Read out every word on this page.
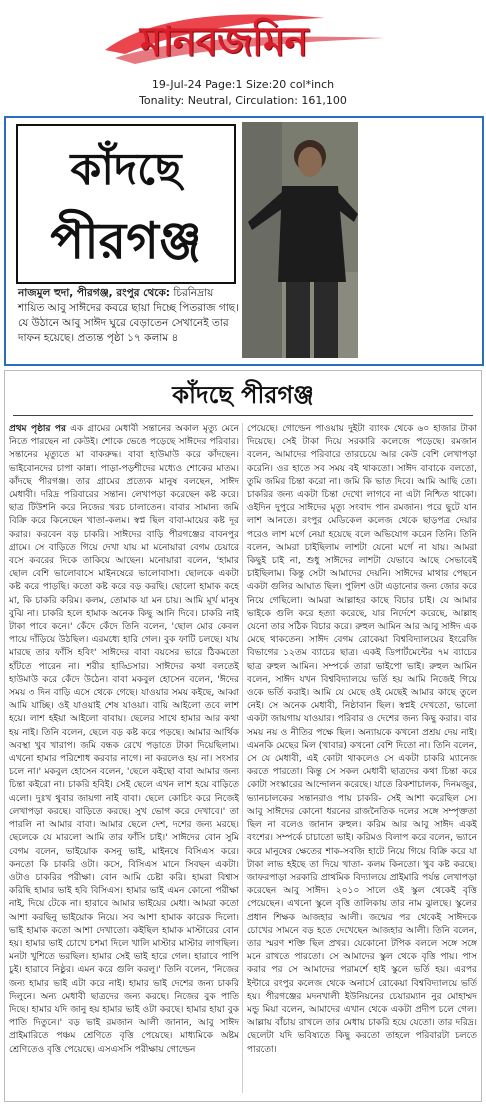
মানবজমিন
19-Jul-24 Page:1 Size:20 col*inch
Tonality: Neutral, Circulation: 161,100
কাঁদছে
পীরগঞ্জ
নাজমুল হুদা, পীরগঞ্জ, রংপুর থেকে: চিরনিদ্রায় শায়িত আবু সাঈদের কবরে ছায়া দিচ্ছে পিতরাজ গাছ। যে উঠানে আবু সাঈদ ঘুরে বেড়াতেন সেখানেই তার দাফন হয়েছে। প্রত্যন্ত পৃষ্ঠা ১৭ কলাম ৪
কাঁদছে পীরগঞ্জ
প্রথম পৃষ্ঠার পর এক গ্রামের মেধাবী সন্তানের অকাল মৃত্যু মেনে নিতে পারছেন না কেউই। শোকে ভেঙে পড়েছে সাঈদের পরিবার। সন্তানের মৃত্যুতে মা বাকরুদ্ধ। বাবা হাউমাউ করে কাঁদছেন। ভাইবোনদের চাপা কান্না। পাড়া-পড়শীদের মধ্যেও শোকের মাতম। কাঁদছে পীরগঞ্জ। তার গ্রামের প্রত্যেক মানুষ বলছেন, সাঈদ মেধাবী। দরিদ্র পরিবারের সন্তান। লেখাপড়া করেছেন কষ্ট করে। ছাত্র টিউশনি করে নিজের খরচ চালাতেন। বাবার সামান্য জমি বিক্রি করে কিনেছেন খাতা-কলম। স্বপ্ন ছিল বাবা-মায়ের কষ্ট দূর করার। করবেন বড় চাকরি। সাঈদের বাড়ি পীরগঞ্জের বাবনপুর গ্রামে। সে বাড়িতে গিয়ে দেখা যায় মা মনোয়ারা বেগম চেয়ারে বসে কবরের দিকে তাকিয়ে আছেন। মনোয়ারা বলেন, 'হামার ছোল বেশি ভালোবাসে মাইনষেরে ভালোবাসা। ছোলকে একটা কষ্ট করে পাড়ছি। কতো কষ্ট করে বড় করছি। ছোলো হামাক কহে মা, কি চাকরি করিম। কলম, তোমাক যা মন চায়। আমি মূর্খ মানুষ বুঝি না। চাকরি হলে হামাক অনেক কিছু আনি দিবে। চাকরি নাই টাকা পাবে কনে।' কেঁদে কেঁদে তিনি বলেন, 'ছোল মোর কেবল পায়ে দাঁড়িয়ে উঠছিল। এরমধ্যে হারি গেল। বুক ফাটি চলছে। যায় মারছে তার ফাঁসি হবিং' সাঈদের বাবা বয়সের ভারে ঠিকমতো হাঁটতে পারেন না। শরীর হাড্ডিসার। সাঈদের কথা বলতেই হাউমাউ করে কেঁদে উঠেন। বাবা মকবুল হোসেন বলেন, 'ঈদের সময় ৩ দিন বাড়ি এসে থেকে গেছে। যাওয়ার সময় কইছে, আব্বা আমি যাচ্ছি। ওই যাওয়াই শেষ যাওয়া। বায়ি আইলো তবে লাশ হয়ে। লাশ হইয়া আইলো বাবায়। ছেলের সাথে হামার আর কথা হয় নাই। তিনি বলেন, ছেলে বড় কষ্ট করে পড়ছে। আমার আর্থিক অবস্থা খুব খারাপ। জমি বন্ধক রেখে পড়াতে টাকা দিয়েছিলাম। এখনো হামার পরিশোধ করবার নাগে। না করলেও হয় না। সংসার চলে না।' মকবুল হোসেন বলেন, 'ছেলে কইছো বাবা আমার জন্য চিন্তা কইরো না। চাকরি হবিই। সেই ছেলে এখন লাশ হয়ে বাড়িতে এলো। দুঃখ থুবার জায়গা নাই বাবা। ছেলে কোচিং করে নিজেই লেখাপড়া করছে। বাড়িতে করছে। সুখ ভোগ করে দেখাবে।' তা পারলি না আমার বাবা। আমার ছেলে দেশ, দশের জন্য মরছে। ছেলেকে যে মারলো আমি তার ফাঁসি চাই।' সাঈদের বোন সুমি বেগম বলেন, ভাইয়োক কসনু ভাই, মাইনষে বিসিএস করে। কনতো কি চাকরি ওটা। কসে, বিসিএস মানে সিবছন একটা। ওটাও চাকরির পরীক্ষা। বোন আমি চেষ্টা করি। হামরা বিশ্বাস করিছি হামার ভাই হবি বিসিএস। হামার ভাই এমন কোনো পরীক্ষা নাই, দিয়ে টেকে না। হারাবে আমার ভাইয়ের মেধা। আমরা কতো আশা করছিনু ভাইয়োক নিয়ে। সব আশা হামাক কারেক দিলো। ভাই হামাক কতো আশা দেখাতো। কইছিল হামাক মাস্টারের বোন হয়। হামার ভাই চোখে চশমা দিলে খালি মাস্টার মাস্টার লাগছিল। মনটা খুশিতে ভরছিল। হামার সেই ভাই হারে গেল। হারাবে পাপি চুই। হারাবে নিষ্ঠুর। এমন করে গুলি করলু।' তিনি বলেন, 'নিজের জন্য হামার ভাই এটা করে নাই। হামার ভাই দেশের জন্য চাকরি দিলুনে। অন্য মেধাবী ছাত্রদের জন্য করছে। নিজের বুক পাতি দিছে। হামার যদি জানু হয় হামার ভাই ওটা করছে। হামার হায়া বুক পাতি দিতুনে।' বড় ভাই রমজান আলী জানান, আবু সাঈদ প্রাইমারিতে পঞ্চম শ্রেণিতে বৃত্তি পেয়েছে। মাধ্যমিকে অষ্টম শ্রেণিতেও বৃত্তি পেয়েছে। এসএসসি পরীক্ষায় গোল্ডেন
পেয়েছে। গোল্ডেন পাওয়ায় দুইটা ব্যাংক থেকে ৬০ হাজার টাকা দিয়েছে। সেই টাকা দিয়ে সরকারি কলেজে পড়েছে। রমজান বলেন, আমাদের পরিবারে তারচেয়ে আর কেউ বেশি লেখাপড়া করেনি। ওর হাতে সব সময় বই থাকতো। সাঈদ বাবাকে বলতো, তুমি জমির চিন্তা করো না। জমি কি ভাত দিবে। আমি আছি তো। চাকরির জন্য একটা চিন্তা দেখো লাগবে না এটা নিশ্চিত থাকো। ওইদিন দুপুরে সাঈদের মৃত্যু সংবাদ পান রমজান। পরে ছুটে যান লাশ আনতে। রংপুর মেডিকেল কলেজ থেকে ছাড়পত্র দেয়ার পরেও লাশ মর্গে নেয়া হয়েছে বলে অভিযোগ করেন তিনি। তিনি বলেন, আমরা চাইছিলাম লাশটা যেনো মর্গে না যায়। আমরা কিছুই চাই না, শুধু সাঈদের লাশটা যেভাবে আছে সেভাবেই চাইছিলাম। কিন্তু সেটা আমাদের দেয়নি। সাঈদের মাথার পেছনে একটা গুলির আঘাত ছিল। পুলিশ ওটা এড়ানোর জন্য জোর করে নিয়ে গেছিলো। আমরা আল্লাহর কাছে বিচার চাই। যে আমার ভাইকে গুলি করে হত্যা করেছে, যার নির্দেশে করেছে, আল্লাহ যেনো তার সঠিক বিচার করে। রুহুল আমিন আর আবু সাঈদ এক মেছে থাকতেন। সাঈদ বেগম রোকেয়া বিশ্ববিদ্যালয়ের ইংরেজি বিভাগের ১২তম ব্যাচের ছাত্র। একই ডিপার্টমেন্টের ৭ম ব্যাচের ছাত্র রুহুল আমিন। সম্পর্কে তারা ভাইপো ভাই। রুহুল আমিন বলেন, সাঈদ যখন বিশ্ববিদ্যালয়ে ভর্তি হয় আমি নিজেই গিয়ে ওকে ভর্তি করাই। আমি যে মেছে ওই মেছেই আমার কাছে তুলে নেই। সে অনেক মেধাবী, নিষ্ঠাবান ছিল। স্বপ্নই দেখতো, ভালো একটা জায়গায় যাওয়ার। পরিবার ও দেশের জন্য কিছু করার। বার সময় নয় ও নীতির পক্ষে ছিল। অন্যায়কে কখনো প্রশ্রয় দেয় নাই। এমনকি মেছের মিল (খাবার) কখনো বেশি দিতো না। তিনি বলেন, সে যে মেধাবী, এই কোটা থাকলেও সে একটা চাকরি ম্যানেজ করতে পারতো। কিন্তু সে সকল মেধাবী ছাত্রদের কথা চিন্তা করে কোটা সংস্কারের আন্দোলন করেছে। যাতে রিকশাচালক, দিনমজুর, ভ্যানচালকের সন্তানরাও পায় চাকরি- সেই আশা করেছিল সে। আবু সাঈদের কোনো ধরনের রাজনৈতিক দলের সঙ্গে সম্পৃক্ততা ছিল না বলেও জানান রুহুল। করিম আর আবু সাঈদ একই বংশের। সম্পর্কে চাচাতো ভাই। করিমও বিলাপ করে বলেন, ভ্যানে করে মানুষের ক্ষেতের শাক-সবজি হাটে নিয়ে গিয়ে বিক্রি করে যা টাকা লাভ হইছে তা দিয়ে খাতা- কলম কিনতো। খুব কষ্ট করছে। জাফরপাড়া সরকারি প্রাথমিক বিদ্যালয়ে প্রাইমারি পর্যন্ত লেখাপড়া করেছেন আবু সাঈদ। ২০১০ সালে ওই স্কুল থেকেই বৃত্তি পেয়েছেন। এখনো স্কুলে বৃত্তি তালিকায় তার নাম ঝুলছে। স্কুলের প্রধান শিক্ষক আজহার আলী। জন্মের পর থেকেই সাঈদকে চোখের সামনে বড় হতে দেখেছেন আজহার আলী। তিনি বলেন, তার স্মরণ শক্তি ছিল প্রখর। যেকোনো টপিক বললে সঙ্গে সঙ্গে মনে রাখতে পারতো। সে আমাদের স্কুল থেকে বৃত্তি পায়। পাস করার পর সে আমাদের পরামর্শে হাই স্কুলে ভর্তি হয়। এরপর ইন্টারে রংপুর কলেজ থেকে অনার্সে রোকেয়া বিশ্ববিদ্যালয়ে ভর্তি হয়। পীরগঞ্জের মদনখালী ইউনিয়নের চেয়ারম্যান নুর মোহাম্মদ মন্ডু মিয়া বলেন, আমাদের এখান থেকে একটা প্রদীপ চলে গেল। আল্লায় বাঁচায় রাখলে তার মেধায় চাকরি হয়ে যেতো। তার দরিদ্র। ছেলেটা যদি ভবিষ্যতে কিছু করতো তাহলে পরিবারটা চলতে পারতো।
